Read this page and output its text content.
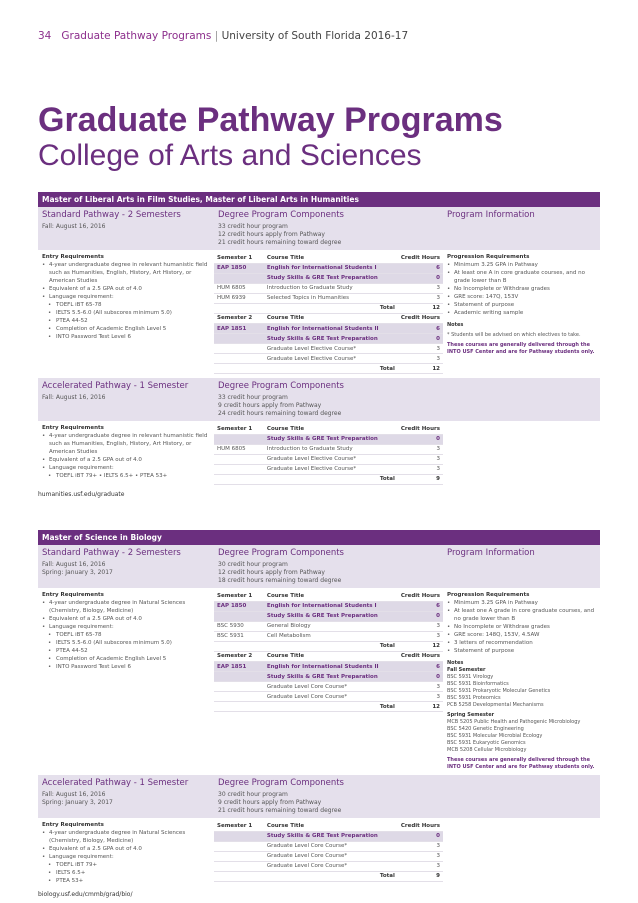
34 Graduate Pathway Programs | University of South Florida 2016-17
Graduate Pathway Programs
College of Arts and Sciences
Master of Liberal Arts in Film Studies, Master of Liberal Arts in Humanities
Standard Pathway - 2 Semesters
Fall: August 16, 2016
Degree Program Components
33 credit hour program
12 credit hours apply from Pathway
21 credit hours remaining toward degree
Program Information
Entry Requirements
• 4-year undergraduate degree in relevant humanistic field such as Humanities, English, History, Art History, or American Studies
• Equivalent of a 2.5 GPA out of 4.0
• Language requirement:
• TOEFL iBT 65-78
• IELTS 5.5-6.0 (All subscores minimum 5.0)
• PTEA 44-52
• Completion of Academic English Level 5
• INTO Password Test Level 6
Semester 1	Course Title	Credit Hours
EAP 1850	English for International Students I	6
	Study Skills & GRE Test Preparation	0
HUM 6805	Introduction to Graduate Study	3
HUM 6939	Selected Topics in Humanities	3
	Total	12
Semester 2	Course Title	Credit Hours
EAP 1851	English for International Students II	6
	Study Skills & GRE Test Preparation	0
	Graduate Level Elective Course*	3
	Graduate Level Elective Course*	3
	Total	12
Progression Requirements
• Minimum 3.25 GPA in Pathway
• At least one A in core graduate courses, and no grade lower than B
• No Incomplete or Withdraw grades
• GRE score: 147Q, 153V
• Statement of purpose
• Academic writing sample
Notes
* Students will be advised on which electives to take.
These courses are generally delivered through the INTO USF Center and are for Pathway students only.
Accelerated Pathway - 1 Semester
Fall: August 16, 2016
Degree Program Components
33 credit hour program
9 credit hours apply from Pathway
24 credit hours remaining toward degree
Entry Requirements
• 4-year undergraduate degree in relevant humanistic field such as Humanities, English, History, Art History, or American Studies
• Equivalent of a 2.5 GPA out of 4.0
• Language requirement:
• TOEFL iBT 79+ • IELTS 6.5+ • PTEA 53+
Semester 1	Course Title	Credit Hours
	Study Skills & GRE Test Preparation	0
HUM 6805	Introduction to Graduate Study	3
	Graduate Level Elective Course*	3
	Graduate Level Elective Course*	3
	Total	9
humanities.usf.edu/graduate
Master of Science in Biology
Standard Pathway - 2 Semesters
Fall: August 16, 2016
Spring: January 3, 2017
Degree Program Components
30 credit hour program
12 credit hours apply from Pathway
18 credit hours remaining toward degree
Program Information
Entry Requirements
• 4-year undergraduate degree in Natural Sciences (Chemistry, Biology, Medicine)
• Equivalent of a 2.5 GPA out of 4.0
• Language requirement:
• TOEFL iBT 65-78
• IELTS 5.5-6.0 (All subscores minimum 5.0)
• PTEA 44-52
• Completion of Academic English Level 5
• INTO Password Test Level 6
Semester 1	Course Title	Credit Hours
EAP 1850	English for International Students I	6
	Study Skills & GRE Test Preparation	0
BSC 5930	General Biology	3
BSC 5931	Cell Metabolism	3
	Total	12
Semester 2	Course Title	Credit Hours
EAP 1851	English for International Students II	6
	Study Skills & GRE Test Preparation	0
	Graduate Level Core Course*	3
	Graduate Level Core Course*	3
	Total	12
Progression Requirements
• Minimum 3.25 GPA in Pathway
• At least one A grade in core graduate courses, and no grade lower than B
• No Incomplete or Withdraw grades
• GRE score: 148Q, 153V, 4.5AW
• 3 letters of recommendation
• Statement of purpose
Notes
Fall Semester
BSC 5931 Virology
BSC 5931 Bioinformatics
BSC 5931 Prokaryotic Molecular Genetics
BSC 5931 Proteomics
PCB 5258 Developmental Mechanisms
Spring Semester
MCB 5205 Public Health and Pathogenic Microbiology
BSC 5420 Genetic Engineering
BSC 5931 Molecular Microbial Ecology
BSC 5931 Eukaryotic Genomics
MCB 5208 Cellular Microbiology
These courses are generally delivered through the INTO USF Center and are for Pathway students only.
Accelerated Pathway - 1 Semester
Fall: August 16, 2016
Spring: January 3, 2017
Degree Program Components
30 credit hour program
9 credit hours apply from Pathway
21 credit hours remaining toward degree
Entry Requirements
• 4-year undergraduate degree in Natural Sciences (Chemistry, Biology, Medicine)
• Equivalent of a 2.5 GPA out of 4.0
• Language requirement:
• TOEFL iBT 79+
• IELTS 6.5+
• PTEA 53+
Semester 1	Course Title	Credit Hours
	Study Skills & GRE Test Preparation	0
	Graduate Level Core Course*	3
	Graduate Level Core Course*	3
	Graduate Level Core Course*	3
	Total	9
biology.usf.edu/cmmb/grad/bio/
